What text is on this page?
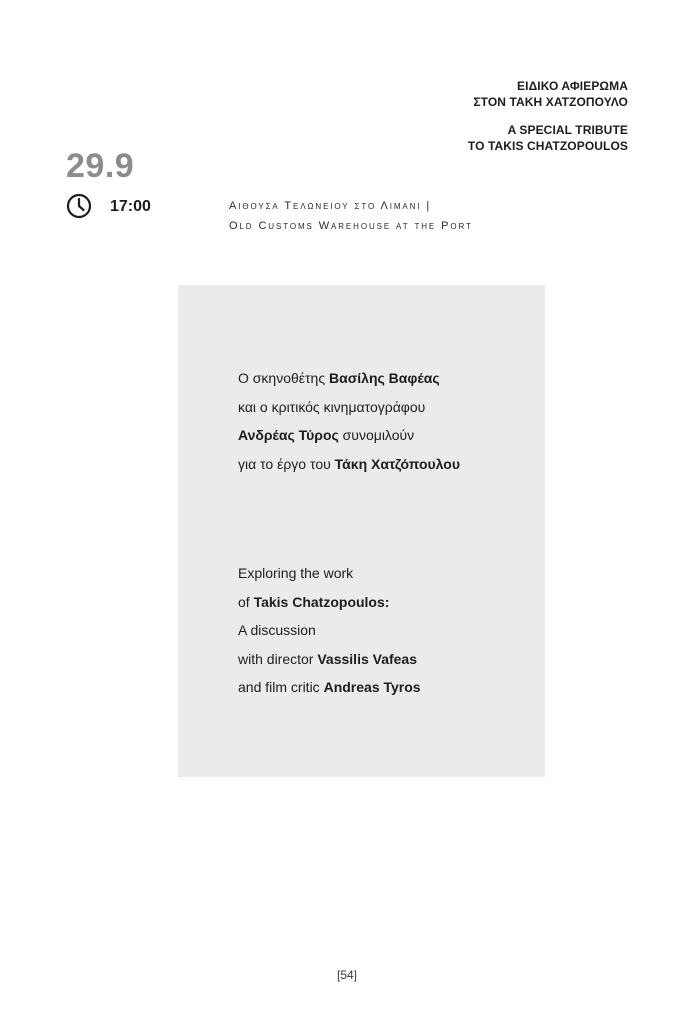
ΕΙΔΙΚΟ ΑΦΙΕΡΩΜΑ
ΣΤΟΝ ΤΑΚΗ ΧΑΤΖΟΠΟΥΛΟ
A SPECIAL TRIBUTE
TO TAKIS CHATZOPOULOS
29.9
17:00	Αιθουσα Τελωνειου στο Λιμανι |
Old Customs Warehouse at the Port
Ο σκηνοθέτης Βασίλης Βαφέας
και ο κριτικός κινηματογράφου
Ανδρέας Τύρος συνομιλούν
για το έργο του Τάκη Χατζόπουλου
Exploring the work
of Takis Chatzopoulos:
A discussion
with director Vassilis Vafeas
and film critic Andreas Tyros
[54]
